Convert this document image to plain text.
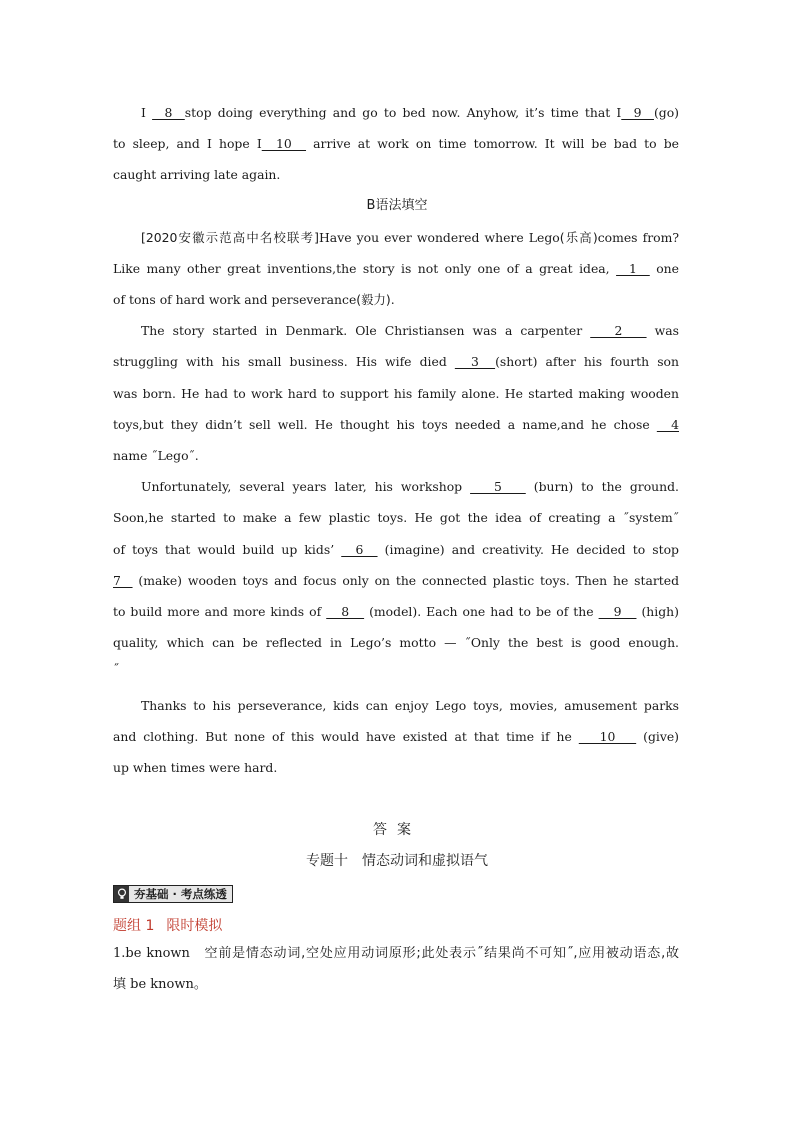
I   8  stop doing everything and go to bed now. Anyhow, it’s time that I  9  (go)
to sleep, and I hope I  10   arrive at work on time tomorrow. It will be bad to be
caught arriving late again.
B语法填空
[2020安徽示范高中名校联考]Have you ever wondered where Lego(乐高)comes from?
Like many other great inventions,the story is not only one of a great idea,   1   one
of tons of hard work and perseverance(毅力).
The story started in Denmark. Ole Christiansen was a carpenter    2    was
struggling with his small business. His wife died   3  (short) after his fourth son
was born. He had to work hard to support his family alone. He started making wooden
toys,but they didn’t sell well. He thought his toys needed a name,and he chose   4
name ˝Lego˝.
Unfortunately, several years later, his workshop    5    (burn) to the ground.
Soon,he started to make a few plastic toys. He got the idea of creating a ˝system˝
of toys that would build up kids’   6   (imagine) and creativity. He decided to stop
7   (make) wooden toys and focus only on the connected plastic toys. Then he started
to build more and more kinds of    8    (model). Each one had to be of the    9    (high)
quality, which can be reflected in Lego’s motto — ˝Only the best is good enough.
˝
Thanks to his perseverance, kids can enjoy Lego toys, movies, amusement parks
and clothing. But none of this would have existed at that time if he    10    (give)
up when times were hard.
答案
专题十　情态动词和虚拟语气
夯基础 · 考点练透
题组 1 限时模拟
1.be known　空前是情态动词,空处应用动词原形;此处表示˝结果尚不可知˝,应用被动语态,故
填 be known。
